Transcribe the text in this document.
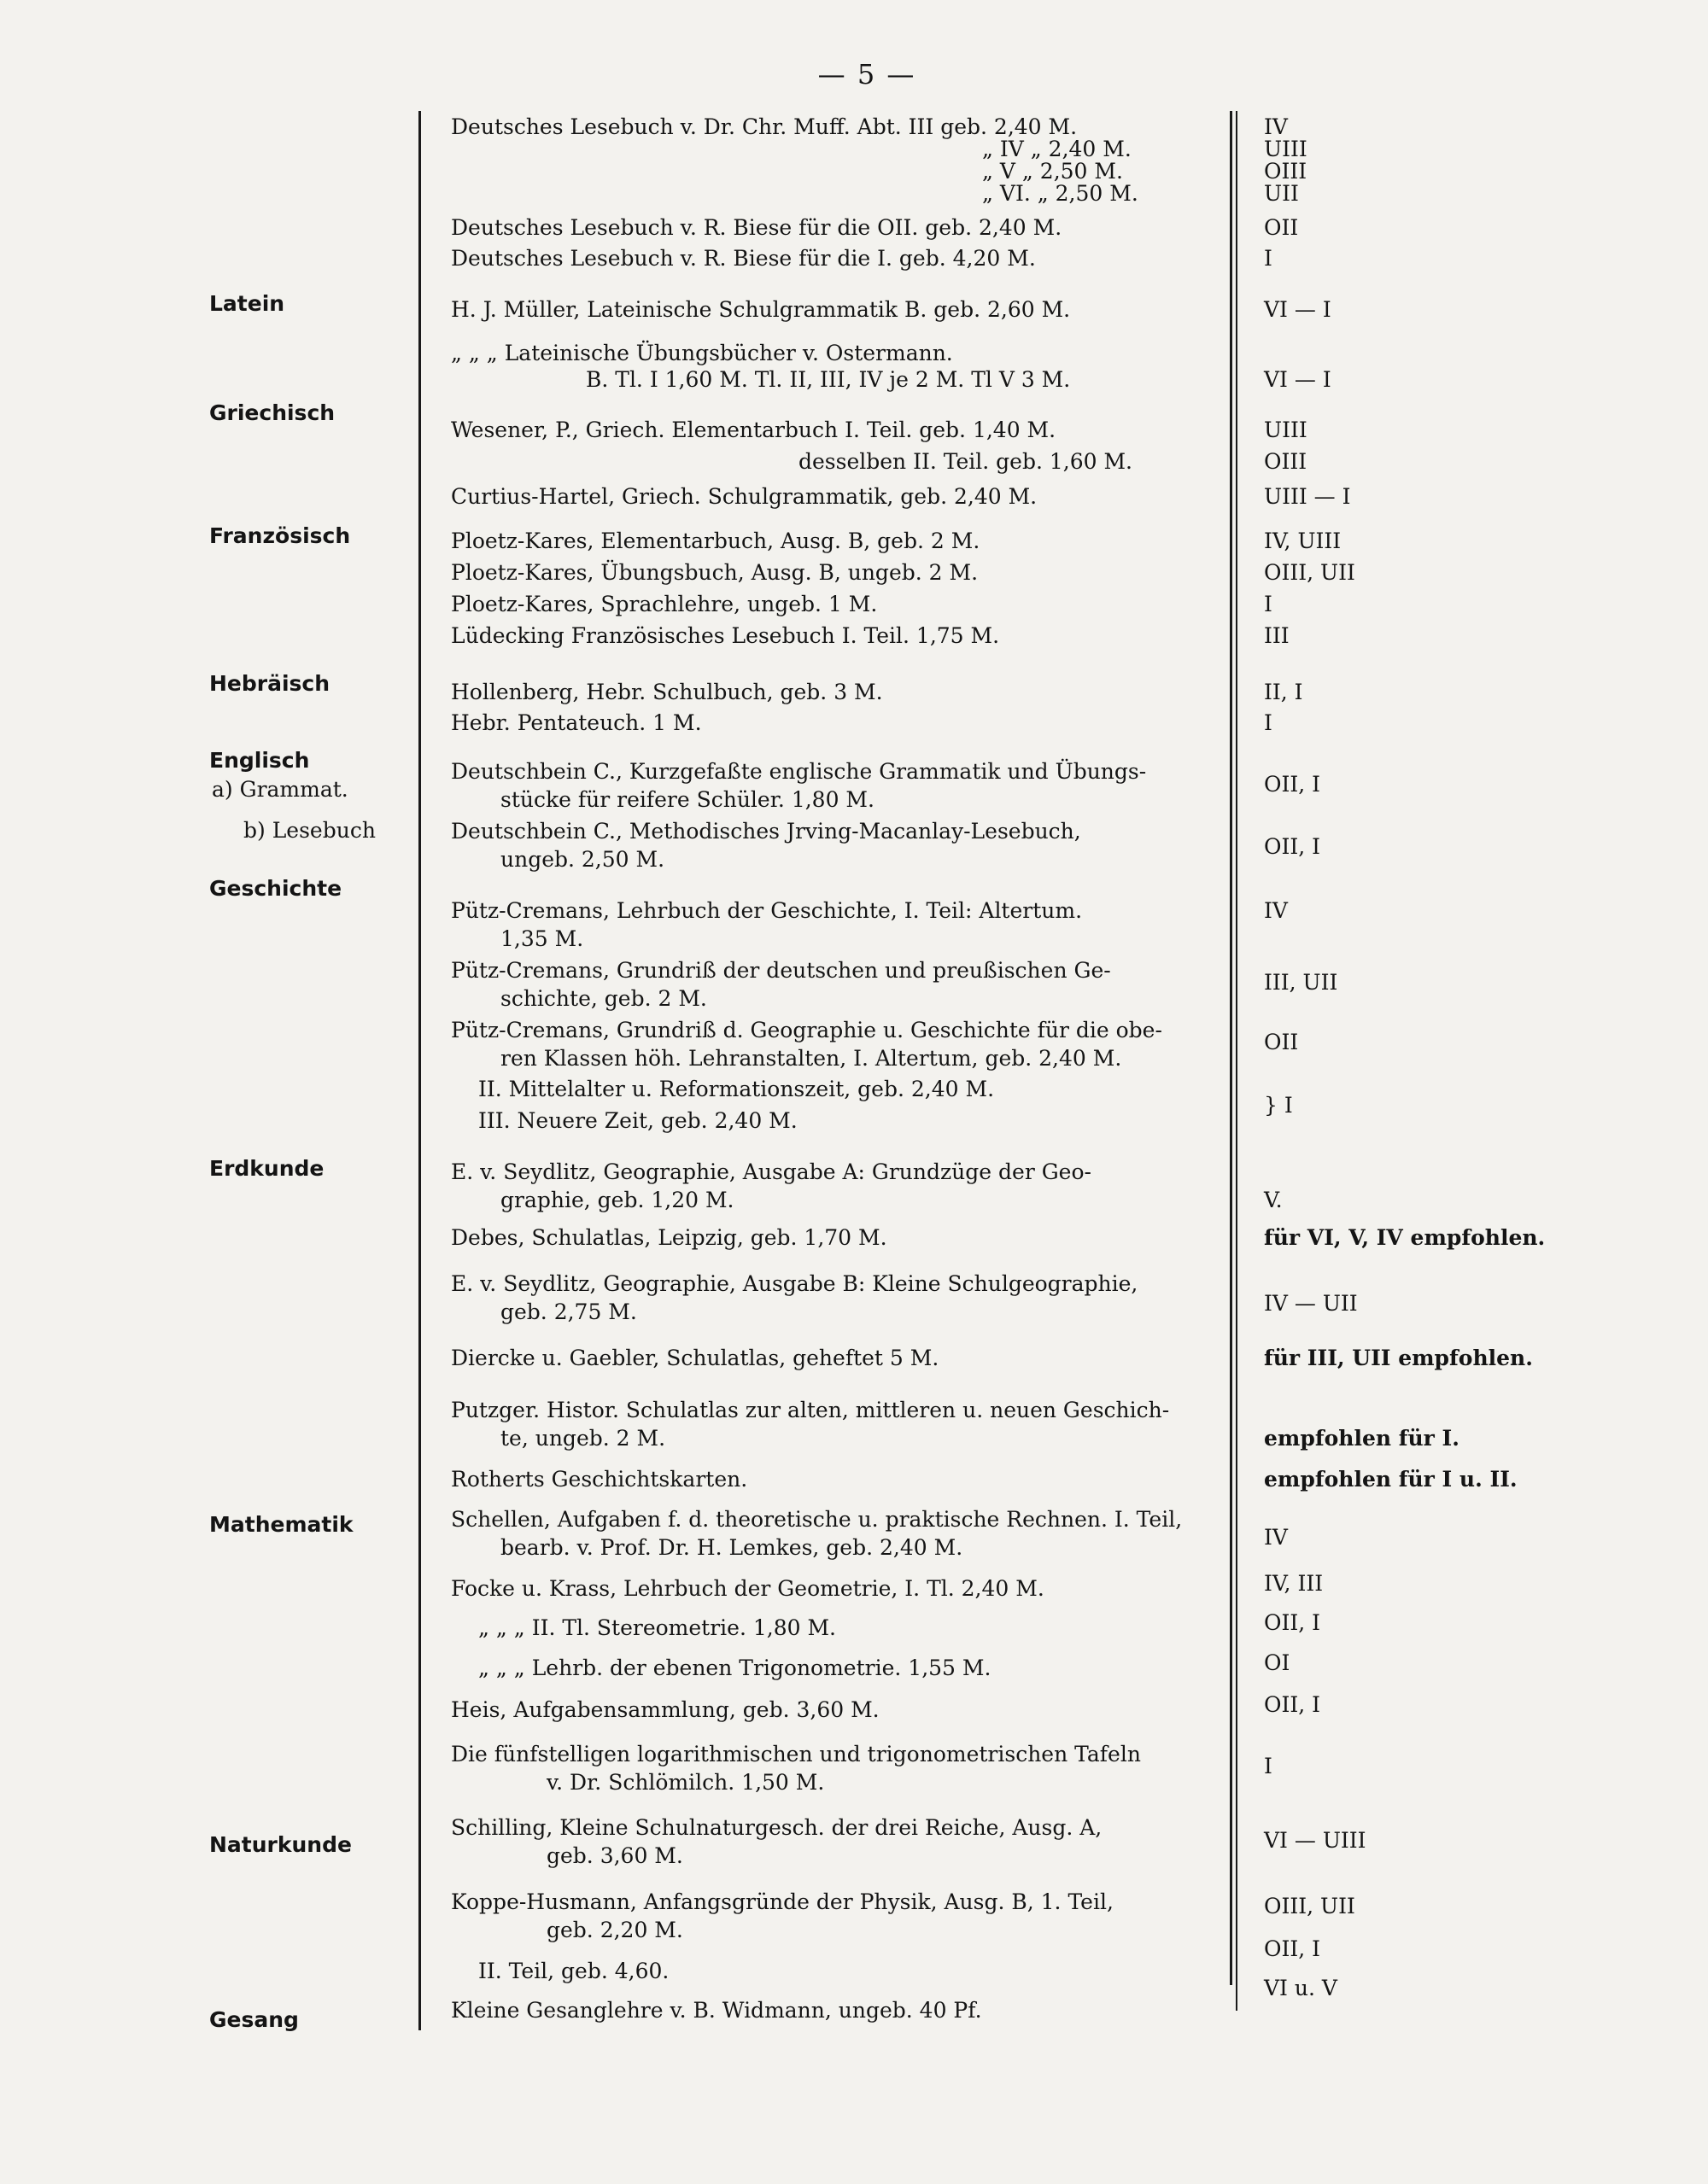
— 5 —
Latein
Griechisch
Französisch
Hebräisch
Englisch
a) Grammat.
b) Lesebuch
Geschichte
Erdkunde
Mathematik
Naturkunde
Gesang
Deutsches Lesebuch v. Dr. Chr. Muff. Abt. III geb. 2,40 M.
„ IV „ 2,40 M.
„ V „ 2,50 M.
„ VI. „ 2,50 M.
Deutsches Lesebuch v. R. Biese für die OII. geb. 2,40 M.
Deutsches Lesebuch v. R. Biese für die I. geb. 4,20 M.
H. J. Müller, Lateinische Schulgrammatik B. geb. 2,60 M.
„ „ „ Lateinische Übungsbücher v. Ostermann.
B. Tl. I 1,60 M. Tl. II, III, IV je 2 M. Tl V 3 M.
Wesener, P., Griech. Elementarbuch I. Teil. geb. 1,40 M.
desselben II. Teil. geb. 1,60 M.
Curtius-Hartel, Griech. Schulgrammatik, geb. 2,40 M.
Ploetz-Kares, Elementarbuch, Ausg. B, geb. 2 M.
Ploetz-Kares, Übungsbuch, Ausg. B, ungeb. 2 M.
Ploetz-Kares, Sprachlehre, ungeb. 1 M.
Lüdecking Französisches Lesebuch I. Teil. 1,75 M.
Hollenberg, Hebr. Schulbuch, geb. 3 M.
Hebr. Pentateuch. 1 M.
Deutschbein C., Kurzgefaßte englische Grammatik und Übungs-
stücke für reifere Schüler. 1,80 M.
Deutschbein C., Methodisches Jrving-Macanlay-Lesebuch,
ungeb. 2,50 M.
Pütz-Cremans, Lehrbuch der Geschichte, I. Teil: Altertum.
1,35 M.
Pütz-Cremans, Grundriß der deutschen und preußischen Ge-
schichte, geb. 2 M.
Pütz-Cremans, Grundriß d. Geographie u. Geschichte für die obe-
ren Klassen höh. Lehranstalten, I. Altertum, geb. 2,40 M.
II. Mittelalter u. Reformationszeit, geb. 2,40 M.
III. Neuere Zeit, geb. 2,40 M.
E. v. Seydlitz, Geographie, Ausgabe A: Grundzüge der Geo-
graphie, geb. 1,20 M.
Debes, Schulatlas, Leipzig, geb. 1,70 M.
E. v. Seydlitz, Geographie, Ausgabe B: Kleine Schulgeographie,
geb. 2,75 M.
Diercke u. Gaebler, Schulatlas, geheftet 5 M.
Putzger. Histor. Schulatlas zur alten, mittleren u. neuen Geschich-
te, ungeb. 2 M.
Rotherts Geschichtskarten.
Schellen, Aufgaben f. d. theoretische u. praktische Rechnen. I. Teil,
bearb. v. Prof. Dr. H. Lemkes, geb. 2,40 M.
Focke u. Krass, Lehrbuch der Geometrie, I. Tl. 2,40 M.
„ „ „ II. Tl. Stereometrie. 1,80 M.
„ „ „ Lehrb. der ebenen Trigonometrie. 1,55 M.
Heis, Aufgabensammlung, geb. 3,60 M.
Die fünfstelligen logarithmischen und trigonometrischen Tafeln
v. Dr. Schlömilch. 1,50 M.
Schilling, Kleine Schulnaturgesch. der drei Reiche, Ausg. A,
geb. 3,60 M.
Koppe-Husmann, Anfangsgründe der Physik, Ausg. B, 1. Teil,
geb. 2,20 M.
II. Teil, geb. 4,60.
Kleine Gesanglehre v. B. Widmann, ungeb. 40 Pf.
IV
UIII
OIII
UII
OII
I
VI — I
VI — I
UIII
OIII
UIII — I
IV, UIII
OIII, UII
I
III
II, I
I
OII, I
OII, I
IV
III, UII
OII
} I
V.
für VI, V, IV empfohlen.
IV — UII
für III, UII empfohlen.
empfohlen für I.
empfohlen für I u. II.
IV
IV, III
OII, I
OI
OII, I
I
VI — UIII
OIII, UII
OII, I
VI u. V
